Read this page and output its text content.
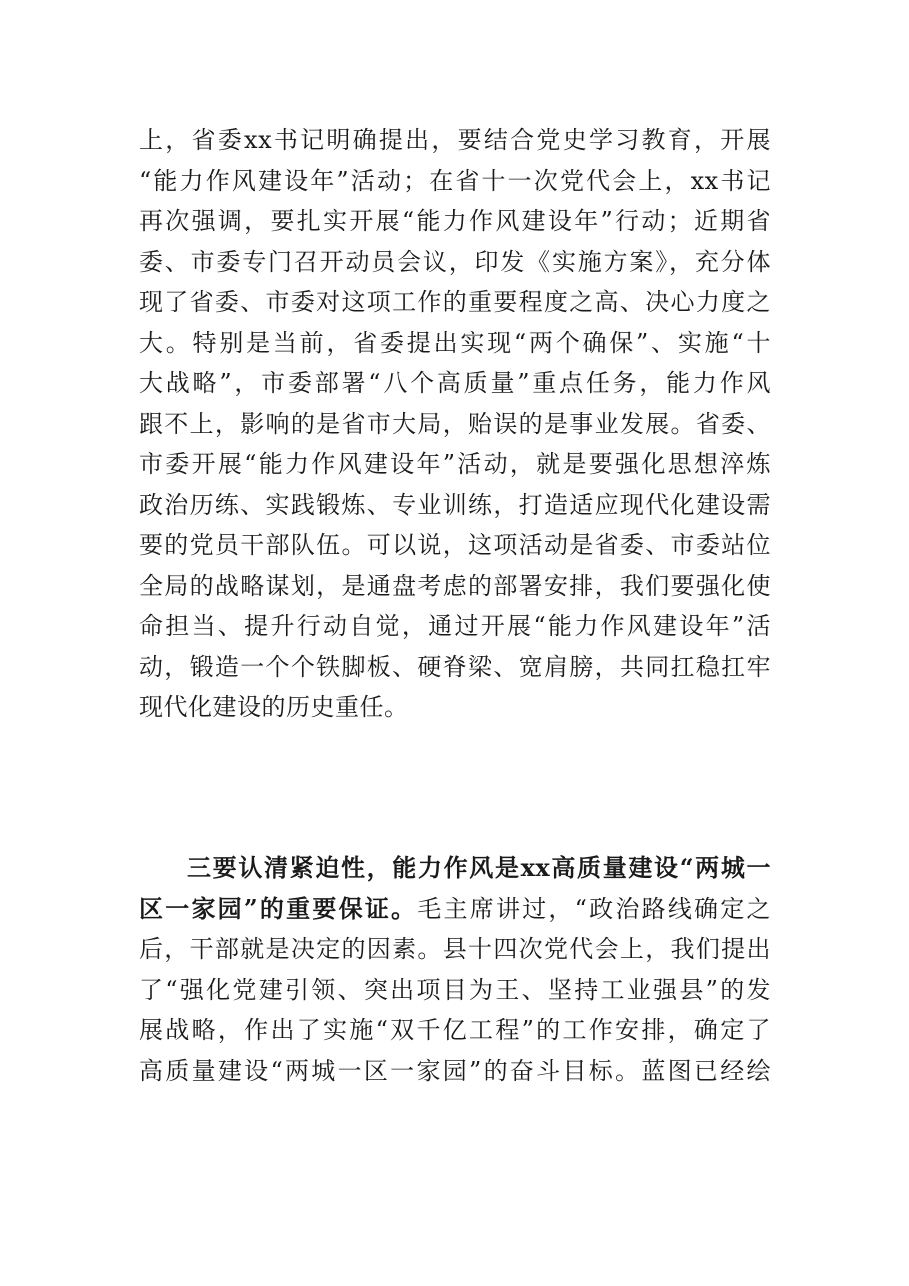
上，省委xx书记明确提出，要结合党史学习教育，开展
“能力作风建设年”活动；在省十一次党代会上，xx书记
再次强调，要扎实开展“能力作风建设年”行动；近期省
委、市委专门召开动员会议，印发《实施方案》，充分体
现了省委、市委对这项工作的重要程度之高、决心力度之
大。特别是当前，省委提出实现“两个确保”、实施“十
大战略”，市委部署“八个高质量”重点任务，能力作风
跟不上，影响的是省市大局，贻误的是事业发展。省委、
市委开展“能力作风建设年”活动，就是要强化思想淬炼
政治历练、实践锻炼、专业训练，打造适应现代化建设需
要的党员干部队伍。可以说，这项活动是省委、市委站位
全局的战略谋划，是通盘考虑的部署安排，我们要强化使
命担当、提升行动自觉，通过开展“能力作风建设年”活
动，锻造一个个铁脚板、硬脊梁、宽肩膀，共同扛稳扛牢
现代化建设的历史重任。
三要认清紧迫性，能力作风是xx高质量建设“两城一
区一家园”的重要保证。毛主席讲过，“政治路线确定之
后，干部就是决定的因素。县十四次党代会上，我们提出
了“强化党建引领、突出项目为王、坚持工业强县”的发
展战略，作出了实施“双千亿工程”的工作安排，确定了
高质量建设“两城一区一家园”的奋斗目标。蓝图已经绘
